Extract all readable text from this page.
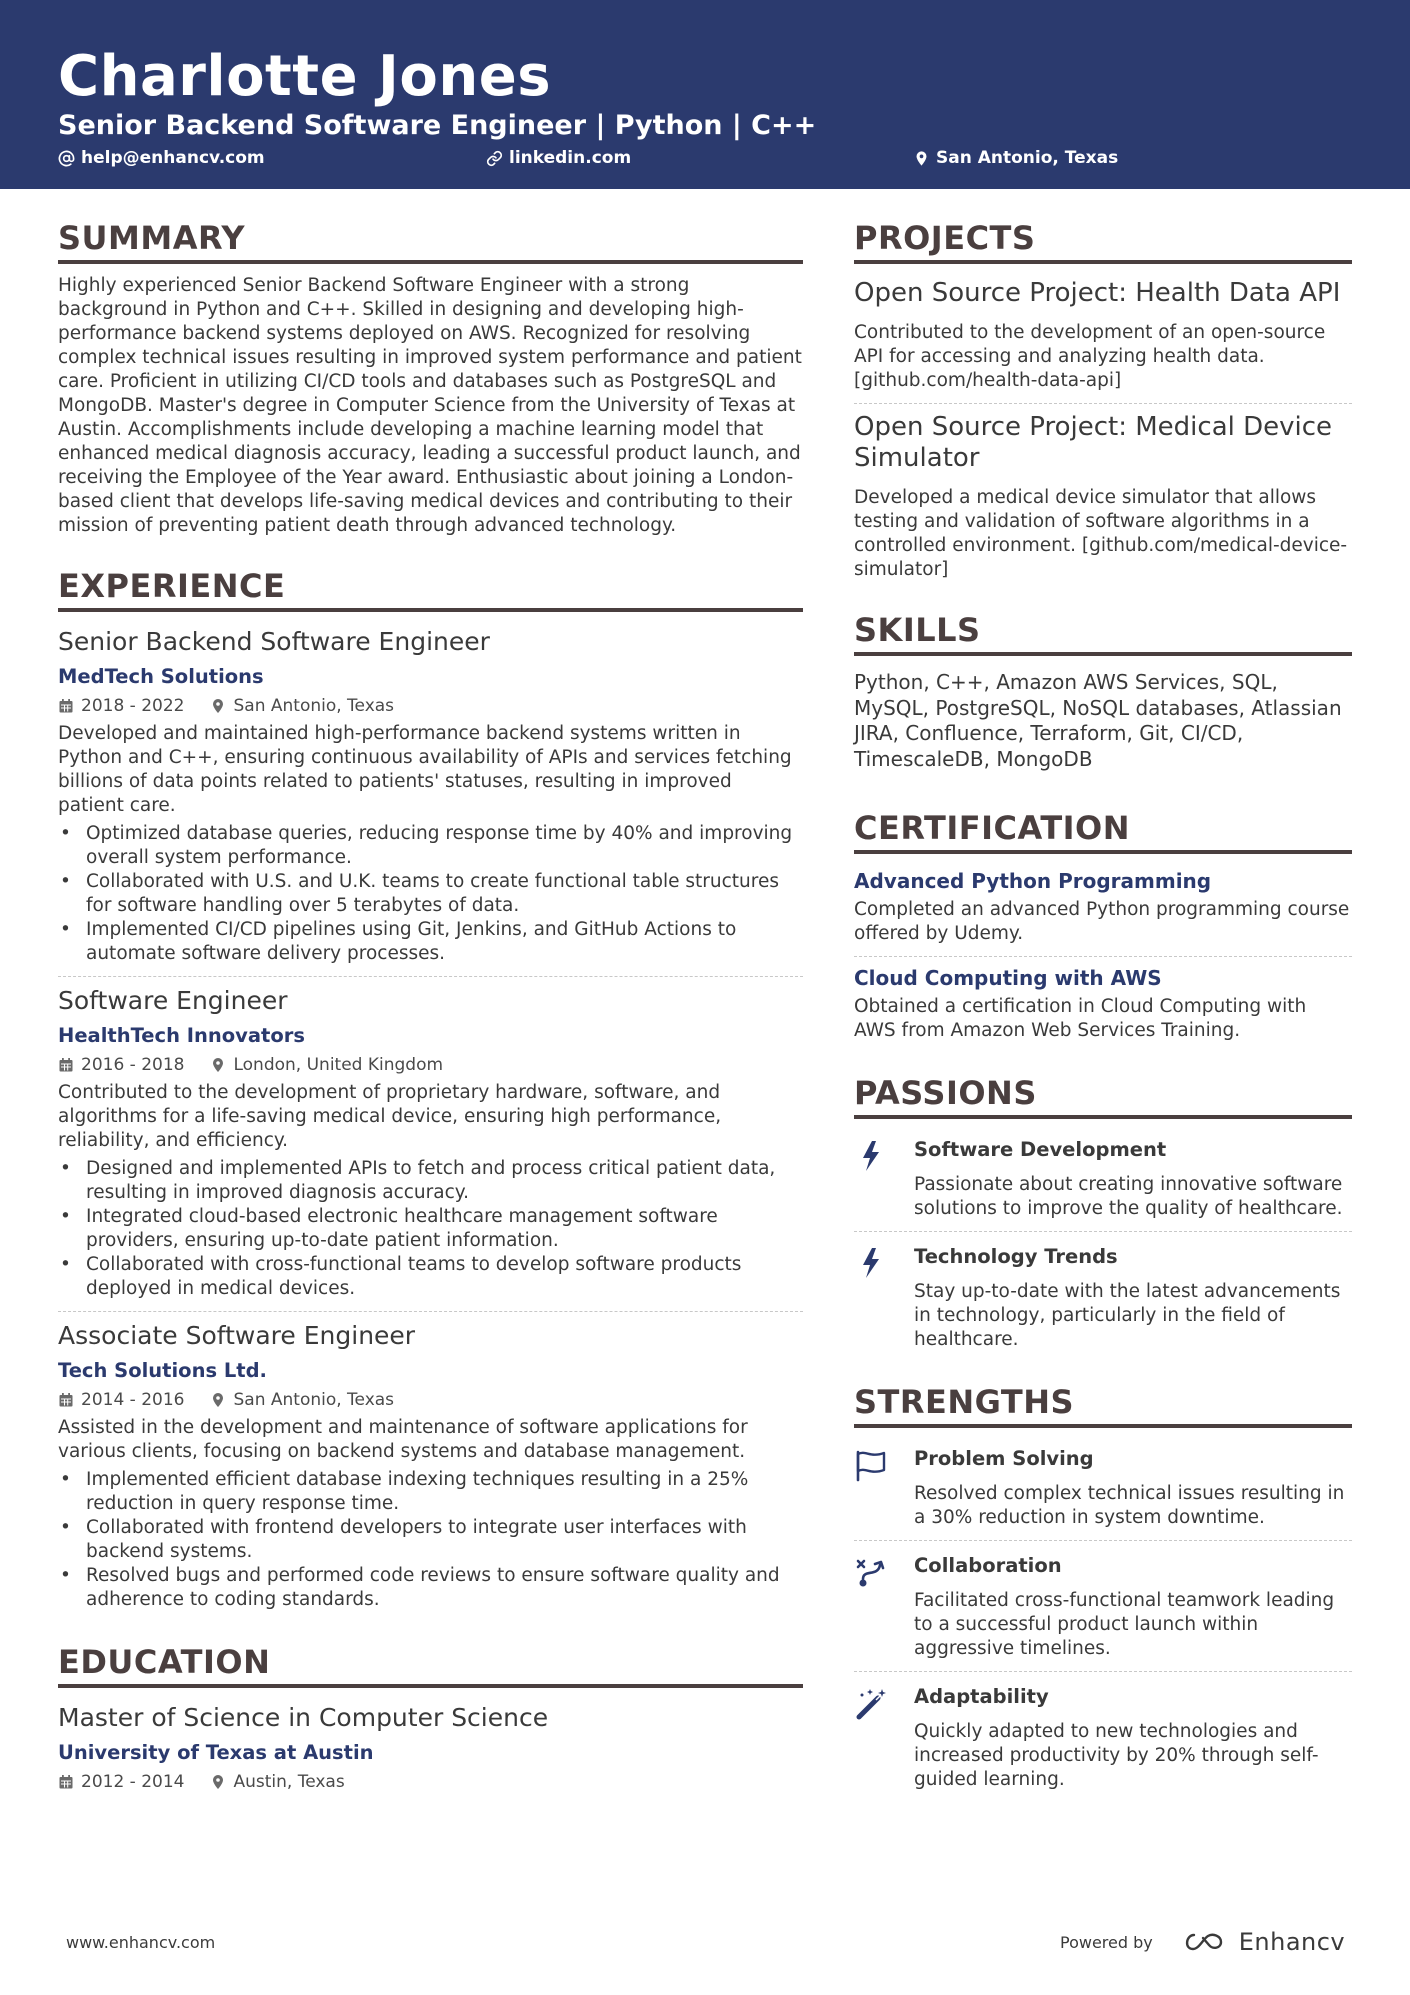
Charlotte Jones
Senior Backend Software Engineer | Python | C++
help@enhancv.com	linkedin.com	San Antonio, Texas
SUMMARY
Highly experienced Senior Backend Software Engineer with a strong background in Python and C++. Skilled in designing and developing high-performance backend systems deployed on AWS. Recognized for resolving complex technical issues resulting in improved system performance and patient care. Proficient in utilizing CI/CD tools and databases such as PostgreSQL and MongoDB. Master's degree in Computer Science from the University of Texas at Austin. Accomplishments include developing a machine learning model that enhanced medical diagnosis accuracy, leading a successful product launch, and receiving the Employee of the Year award. Enthusiastic about joining a London-based client that develops life-saving medical devices and contributing to their mission of preventing patient death through advanced technology.
EXPERIENCE
Senior Backend Software Engineer
MedTech Solutions
2018 - 2022	San Antonio, Texas
Developed and maintained high-performance backend systems written in Python and C++, ensuring continuous availability of APIs and services fetching billions of data points related to patients' statuses, resulting in improved patient care.
• Optimized database queries, reducing response time by 40% and improving overall system performance.
• Collaborated with U.S. and U.K. teams to create functional table structures for software handling over 5 terabytes of data.
• Implemented CI/CD pipelines using Git, Jenkins, and GitHub Actions to automate software delivery processes.
Software Engineer
HealthTech Innovators
2016 - 2018	London, United Kingdom
Contributed to the development of proprietary hardware, software, and algorithms for a life-saving medical device, ensuring high performance, reliability, and efficiency.
• Designed and implemented APIs to fetch and process critical patient data, resulting in improved diagnosis accuracy.
• Integrated cloud-based electronic healthcare management software providers, ensuring up-to-date patient information.
• Collaborated with cross-functional teams to develop software products deployed in medical devices.
Associate Software Engineer
Tech Solutions Ltd.
2014 - 2016	San Antonio, Texas
Assisted in the development and maintenance of software applications for various clients, focusing on backend systems and database management.
• Implemented efficient database indexing techniques resulting in a 25% reduction in query response time.
• Collaborated with frontend developers to integrate user interfaces with backend systems.
• Resolved bugs and performed code reviews to ensure software quality and adherence to coding standards.
EDUCATION
Master of Science in Computer Science
University of Texas at Austin
2012 - 2014	Austin, Texas
PROJECTS
Open Source Project: Health Data API
Contributed to the development of an open-source API for accessing and analyzing health data. [github.com/health-data-api]
Open Source Project: Medical Device Simulator
Developed a medical device simulator that allows testing and validation of software algorithms in a controlled environment. [github.com/medical-device-simulator]
SKILLS
Python, C++, Amazon AWS Services, SQL, MySQL, PostgreSQL, NoSQL databases, Atlassian JIRA, Confluence, Terraform, Git, CI/CD, TimescaleDB, MongoDB
CERTIFICATION
Advanced Python Programming
Completed an advanced Python programming course offered by Udemy.
Cloud Computing with AWS
Obtained a certification in Cloud Computing with AWS from Amazon Web Services Training.
PASSIONS
Software Development
Passionate about creating innovative software solutions to improve the quality of healthcare.
Technology Trends
Stay up-to-date with the latest advancements in technology, particularly in the field of healthcare.
STRENGTHS
Problem Solving
Resolved complex technical issues resulting in a 30% reduction in system downtime.
Collaboration
Facilitated cross-functional teamwork leading to a successful product launch within aggressive timelines.
Adaptability
Quickly adapted to new technologies and increased productivity by 20% through self-guided learning.
www.enhancv.com	Powered by	Enhancv
